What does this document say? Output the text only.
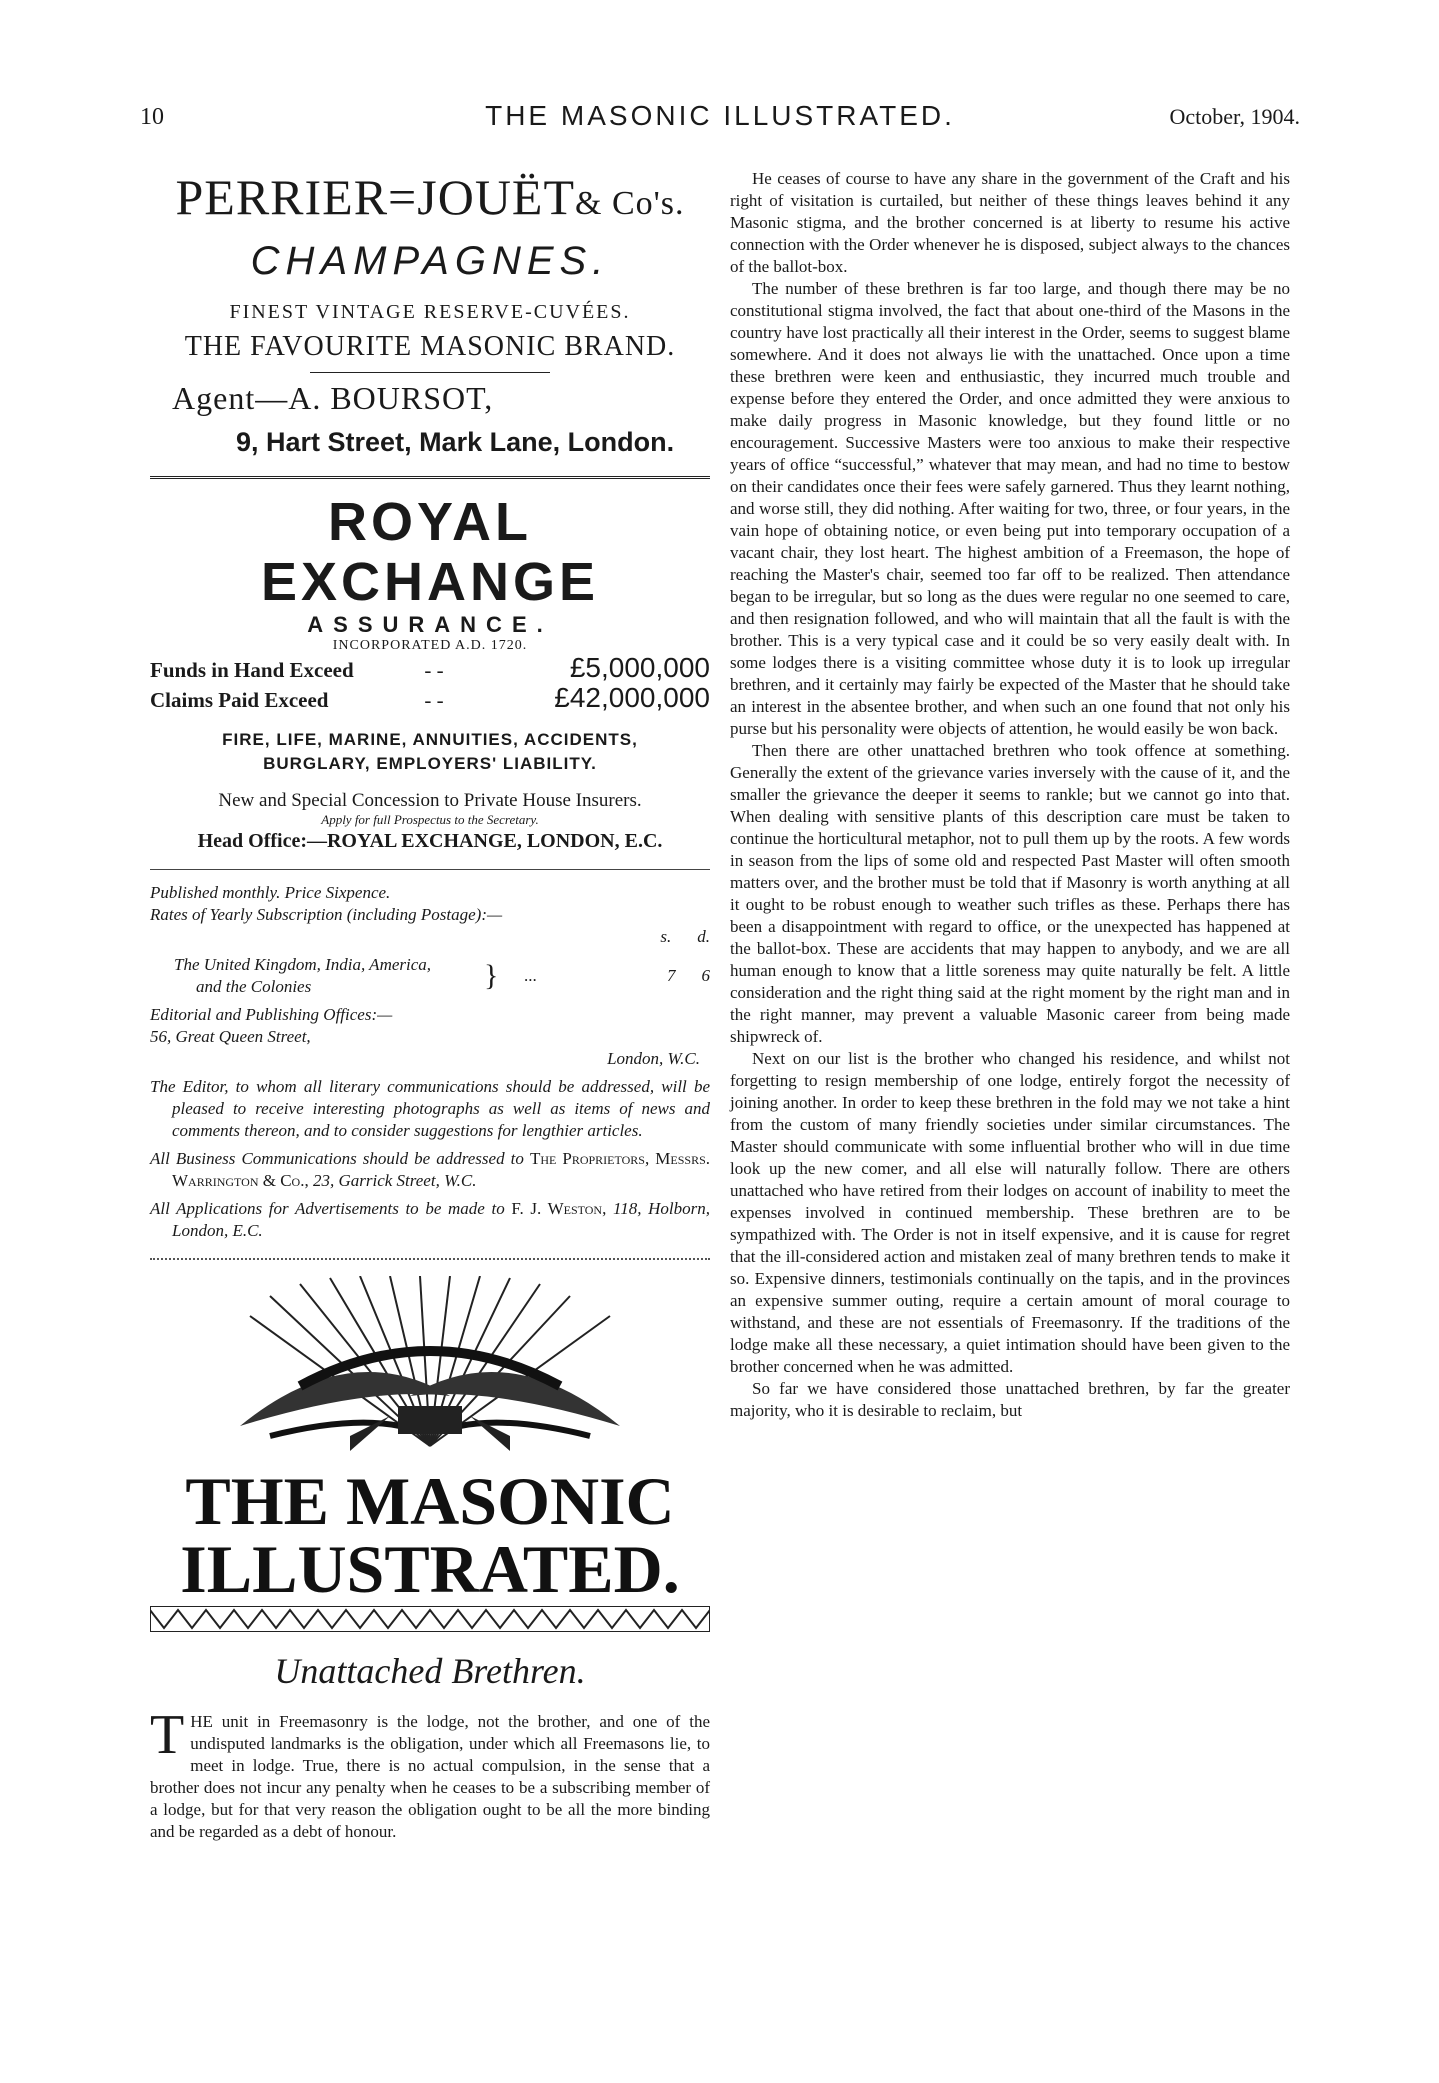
10	THE MASONIC ILLUSTRATED.	October, 1904.
PERRIER=JOUËT& Co's.
CHAMPAGNES.
FINEST VINTAGE RESERVE-CUVÉES.
THE FAVOURITE MASONIC BRAND.
Agent—A. BOURSOT,
9, Hart Street, Mark Lane, London.
ROYAL EXCHANGE
ASSURANCE.
INCORPORATED A.D. 1720.
Funds in Hand Exceed	- -	£5,000,000
Claims Paid Exceed	- -	£42,000,000
FIRE, LIFE, MARINE, ANNUITIES, ACCIDENTS,
BURGLARY, EMPLOYERS' LIABILITY.
New and Special Concession to Private House Insurers.
Apply for full Prospectus to the Secretary.
Head Office:—ROYAL EXCHANGE, LONDON, E.C.

Published monthly. Price Sixpence.

Rates of Yearly Subscription (including Postage):—

s. d.
The United Kingdom, India, America,
and the Colonies	}	...	7 6

Editorial and Publishing Offices:—

56, Great Queen Street,

London, W.C.

The Editor, to whom all literary communications should be addressed, will be pleased to receive interesting photographs as well as items of news and comments thereon, and to consider suggestions for lengthier articles.

All Business Communications should be addressed to The Proprietors, Messrs. Warrington & Co., 23, Garrick Street, W.C.

All Applications for Advertisements to be made to F. J. Weston, 118, Holborn, London, E.C.

THE MASONIC
ILLUSTRATED.
Unattached Brethren.

THE unit in Freemasonry is the lodge, not the brother, and one of the undisputed landmarks is the obligation, under which all Freemasons lie, to meet in lodge. True, there is no actual compulsion, in the sense that a brother does not incur any penalty when he ceases to be a subscribing member of a lodge, but for that very reason the obligation ought to be all the more binding and be regarded as a debt of honour.

He ceases of course to have any share in the government of the Craft and his right of visitation is curtailed, but neither of these things leaves behind it any Masonic stigma, and the brother concerned is at liberty to resume his active connection with the Order whenever he is disposed, subject always to the chances of the ballot-box.

The number of these brethren is far too large, and though there may be no constitutional stigma involved, the fact that about one-third of the Masons in the country have lost practically all their interest in the Order, seems to suggest blame somewhere. And it does not always lie with the unattached. Once upon a time these brethren were keen and enthusiastic, they incurred much trouble and expense before they entered the Order, and once admitted they were anxious to make daily progress in Masonic knowledge, but they found little or no encouragement. Successive Masters were too anxious to make their respective years of office “successful,” whatever that may mean, and had no time to bestow on their candidates once their fees were safely garnered. Thus they learnt nothing, and worse still, they did nothing. After waiting for two, three, or four years, in the vain hope of obtaining notice, or even being put into temporary occupation of a vacant chair, they lost heart. The highest ambition of a Freemason, the hope of reaching the Master's chair, seemed too far off to be realized. Then attendance began to be irregular, but so long as the dues were regular no one seemed to care, and then resignation followed, and who will maintain that all the fault is with the brother. This is a very typical case and it could be so very easily dealt with. In some lodges there is a visiting committee whose duty it is to look up irregular brethren, and it certainly may fairly be expected of the Master that he should take an interest in the absentee brother, and when such an one found that not only his purse but his personality were objects of attention, he would easily be won back.

Then there are other unattached brethren who took offence at something. Generally the extent of the grievance varies inversely with the cause of it, and the smaller the grievance the deeper it seems to rankle; but we cannot go into that. When dealing with sensitive plants of this description care must be taken to continue the horticultural metaphor, not to pull them up by the roots. A few words in season from the lips of some old and respected Past Master will often smooth matters over, and the brother must be told that if Masonry is worth anything at all it ought to be robust enough to weather such trifles as these. Perhaps there has been a disappointment with regard to office, or the unexpected has happened at the ballot-box. These are accidents that may happen to anybody, and we are all human enough to know that a little soreness may quite naturally be felt. A little consideration and the right thing said at the right moment by the right man and in the right manner, may prevent a valuable Masonic career from being made shipwreck of.

Next on our list is the brother who changed his residence, and whilst not forgetting to resign membership of one lodge, entirely forgot the necessity of joining another. In order to keep these brethren in the fold may we not take a hint from the custom of many friendly societies under similar circumstances. The Master should communicate with some influential brother who will in due time look up the new comer, and all else will naturally follow. There are others unattached who have retired from their lodges on account of inability to meet the expenses involved in continued membership. These brethren are to be sympathized with. The Order is not in itself expensive, and it is cause for regret that the ill-considered action and mistaken zeal of many brethren tends to make it so. Expensive dinners, testimonials continually on the tapis, and in the provinces an expensive summer outing, require a certain amount of moral courage to withstand, and these are not essentials of Freemasonry. If the traditions of the lodge make all these necessary, a quiet intimation should have been given to the brother concerned when he was admitted.

So far we have considered those unattached brethren, by far the greater majority, who it is desirable to reclaim, but
